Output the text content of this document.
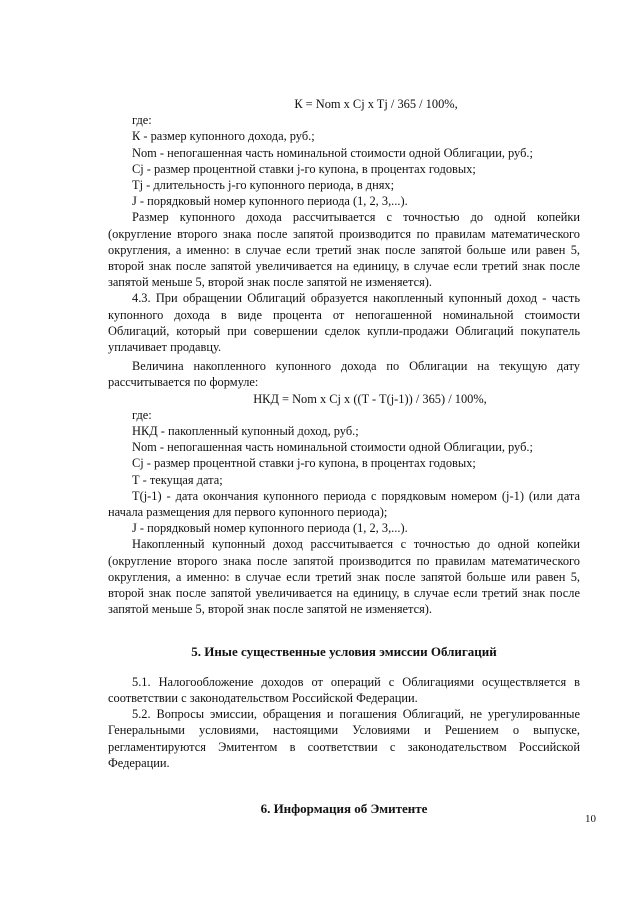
К = Nom x Cj x Tj / 365 / 100%,

где:

К - размер купонного дохода, руб.;

Nom - непогашенная часть номинальной стоимости одной Облигации, руб.;

Cj - размер процентной ставки j-го купона, в процентах годовых;

Tj - длительность j-го купонного периода, в днях;

J - порядковый номер купонного периода (1, 2, 3,...).

Размер купонного дохода рассчитывается с точностью до одной копейки (округление второго знака после запятой производится по правилам математического округления, а именно: в случае если третий знак после запятой больше или равен 5, второй знак после запятой увеличивается на единицу, в случае если третий знак после запятой меньше 5, второй знак после запятой не изменяется).

4.3. При обращении Облигаций образуется накопленный купонный доход - часть купонного дохода в виде процента от непогашенной номинальной стоимости Облигаций, который при совершении сделок купли-продажи Облигаций покупатель уплачивает продавцу.

Величина накопленного купонного дохода по Облигации на текущую дату рассчитывается по формуле:

НКД = Nom x Cj x ((T - T(j-1)) / 365) / 100%,

где:

НКД - пакопленный купонный доход, руб.;

Nom - непогашенная часть номинальной стоимости одной Облигации, руб.;

Cj - размер процентной ставки j-го купона, в процентах годовых;

Т - текущая дата;

T(j-1) - дата окончания купонного периода с порядковым номером (j-1) (или дата начала размещения для первого купонного периода);

J - порядковый номер купонного периода (1, 2, 3,...).

Накопленный купонный доход рассчитывается с точностью до одной копейки (округление второго знака после запятой производится по правилам математического округления, а именно: в случае если третий знак после запятой больше или равен 5, второй знак после запятой увеличивается на единицу, в случае если третий знак после запятой меньше 5, второй знак после запятой не изменяется).

5. Иные существенные условия эмиссии Облигаций

5.1. Налогообложение доходов от операций с Облигациями осуществляется в соответствии с законодательством Российской Федерации.

5.2. Вопросы эмиссии, обращения и погашения Облигаций, не урегулированные Генеральными условиями, настоящими Условиями и Решением о выпуске, регламентируются Эмитентом в соответствии с законодательством Российской Федерации.

6. Информация об Эмитенте

10
